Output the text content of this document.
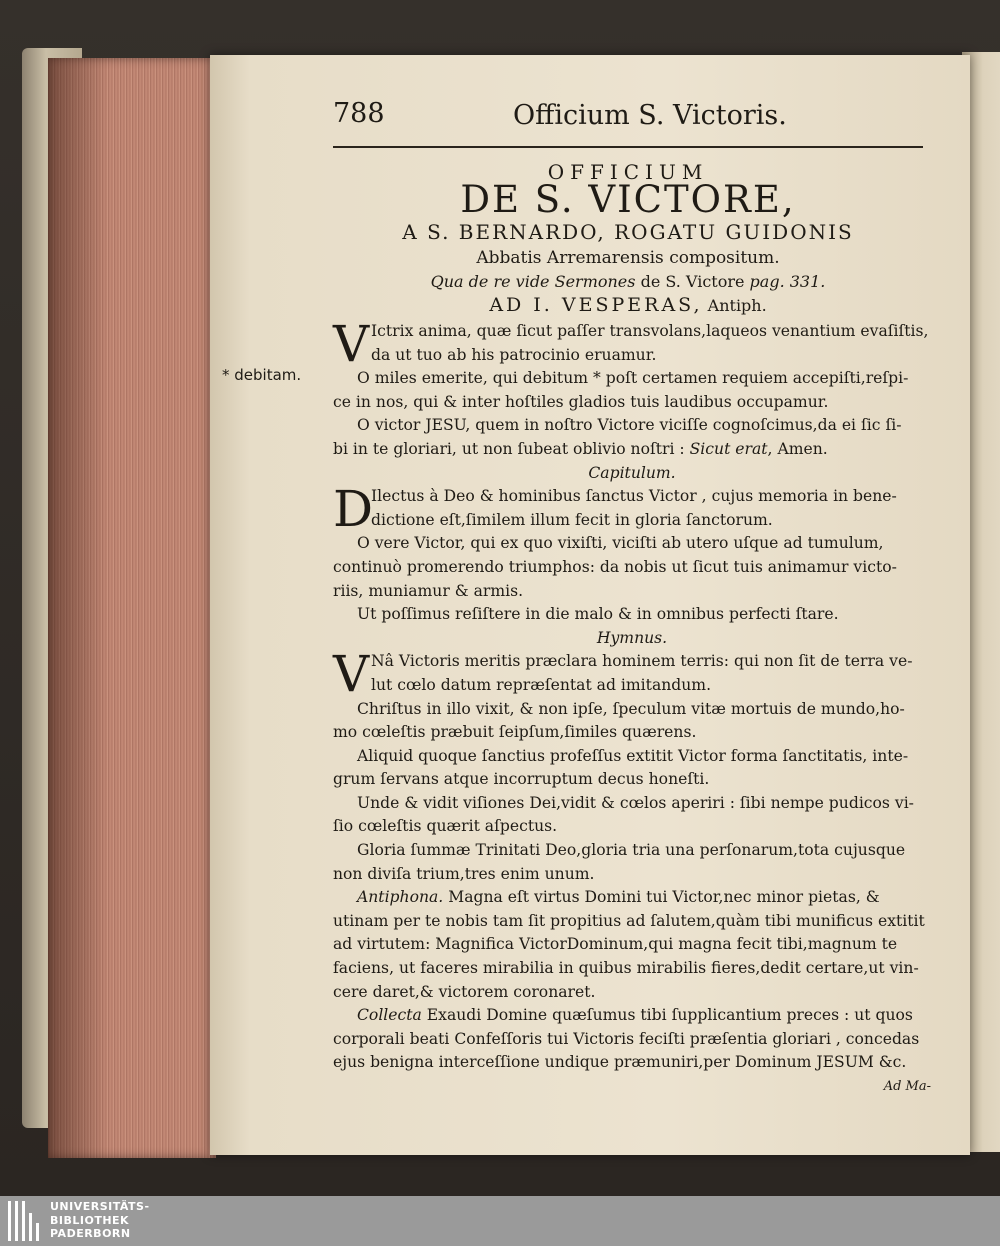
* debitam.
788	Officium S. Victoris.
OFFICIUM
DE S. VICTORE,
A S. BERNARDO, ROGATU GUIDONIS
Abbatis Arremarensis compositum.
Qua de re vide Sermones de S. Victore pag. 331.
AD I. VESPERAS, Antiph.
V Ictrix anima, quæ ſicut paſſer transvolans,laqueos venantium evaſiſtis,
da ut tuo ab his patrocinio eruamur.
O miles emerite, qui debitum * poſt certamen requiem accepiſti,reſpi-
ce in nos, qui & inter hoſtiles gladios tuis laudibus occupamur.
O victor JESU, quem in noſtro Victore viciſſe cognoſcimus,da ei ſic ſi-
bi in te gloriari, ut non ſubeat oblivio noſtri : Sicut erat, Amen.
Capitulum.
D
Ilectus à Deo & hominibus ſanctus Victor , cujus memoria in bene-
dictione eſt,ſimilem illum fecit in gloria ſanctorum.
O vere Victor, qui ex quo vixiſti, viciſti ab utero uſque ad tumulum,
continuò promerendo triumphos: da nobis ut ſicut tuis animamur victo-
riis, muniamur & armis.
Ut poſſimus reſiſtere in die malo & in omnibus perfecti ſtare.
Hymnus.
V Nâ Victoris meritis præclara hominem terris: qui non ſit de terra ve-
lut cœlo datum repræſentat ad imitandum.
Chriſtus in illo vixit, & non ipſe, ſpeculum vitæ mortuis de mundo,ho-
mo cœleſtis præbuit ſeipſum,ſimiles quærens.
Aliquid quoque ſanctius profeſſus extitit Victor forma ſanctitatis, inte-
grum ſervans atque incorruptum decus honeſti.
Unde & vidit viſiones Dei,vidit & cœlos aperiri : ſibi nempe pudicos vi-
ſio cœleſtis quærit aſpectus.
Gloria ſummæ Trinitati Deo,gloria tria una perſonarum,tota cujusque
non diviſa trium,tres enim unum.
Antiphona. Magna eſt virtus Domini tui Victor,nec minor pietas, &
utinam per te nobis tam ſit propitius ad ſalutem,quàm tibi munificus extitit
ad virtutem: Magnifica VictorDominum,qui magna fecit tibi,magnum te
faciens, ut faceres mirabilia in quibus mirabilis fieres,dedit certare,ut vin-
cere daret,& victorem coronaret.
Collecta Exaudi Domine quæſumus tibi ſupplicantium preces : ut quos
corporali beati Confeſſoris tui Victoris feciſti præſentia gloriari , concedas
ejus benigna interceſſione undique præmuniri,per Dominum JESUM &c.
Ad Ma-
UNIVERSITÄTS-
BIBLIOTHEK
PADERBORN
